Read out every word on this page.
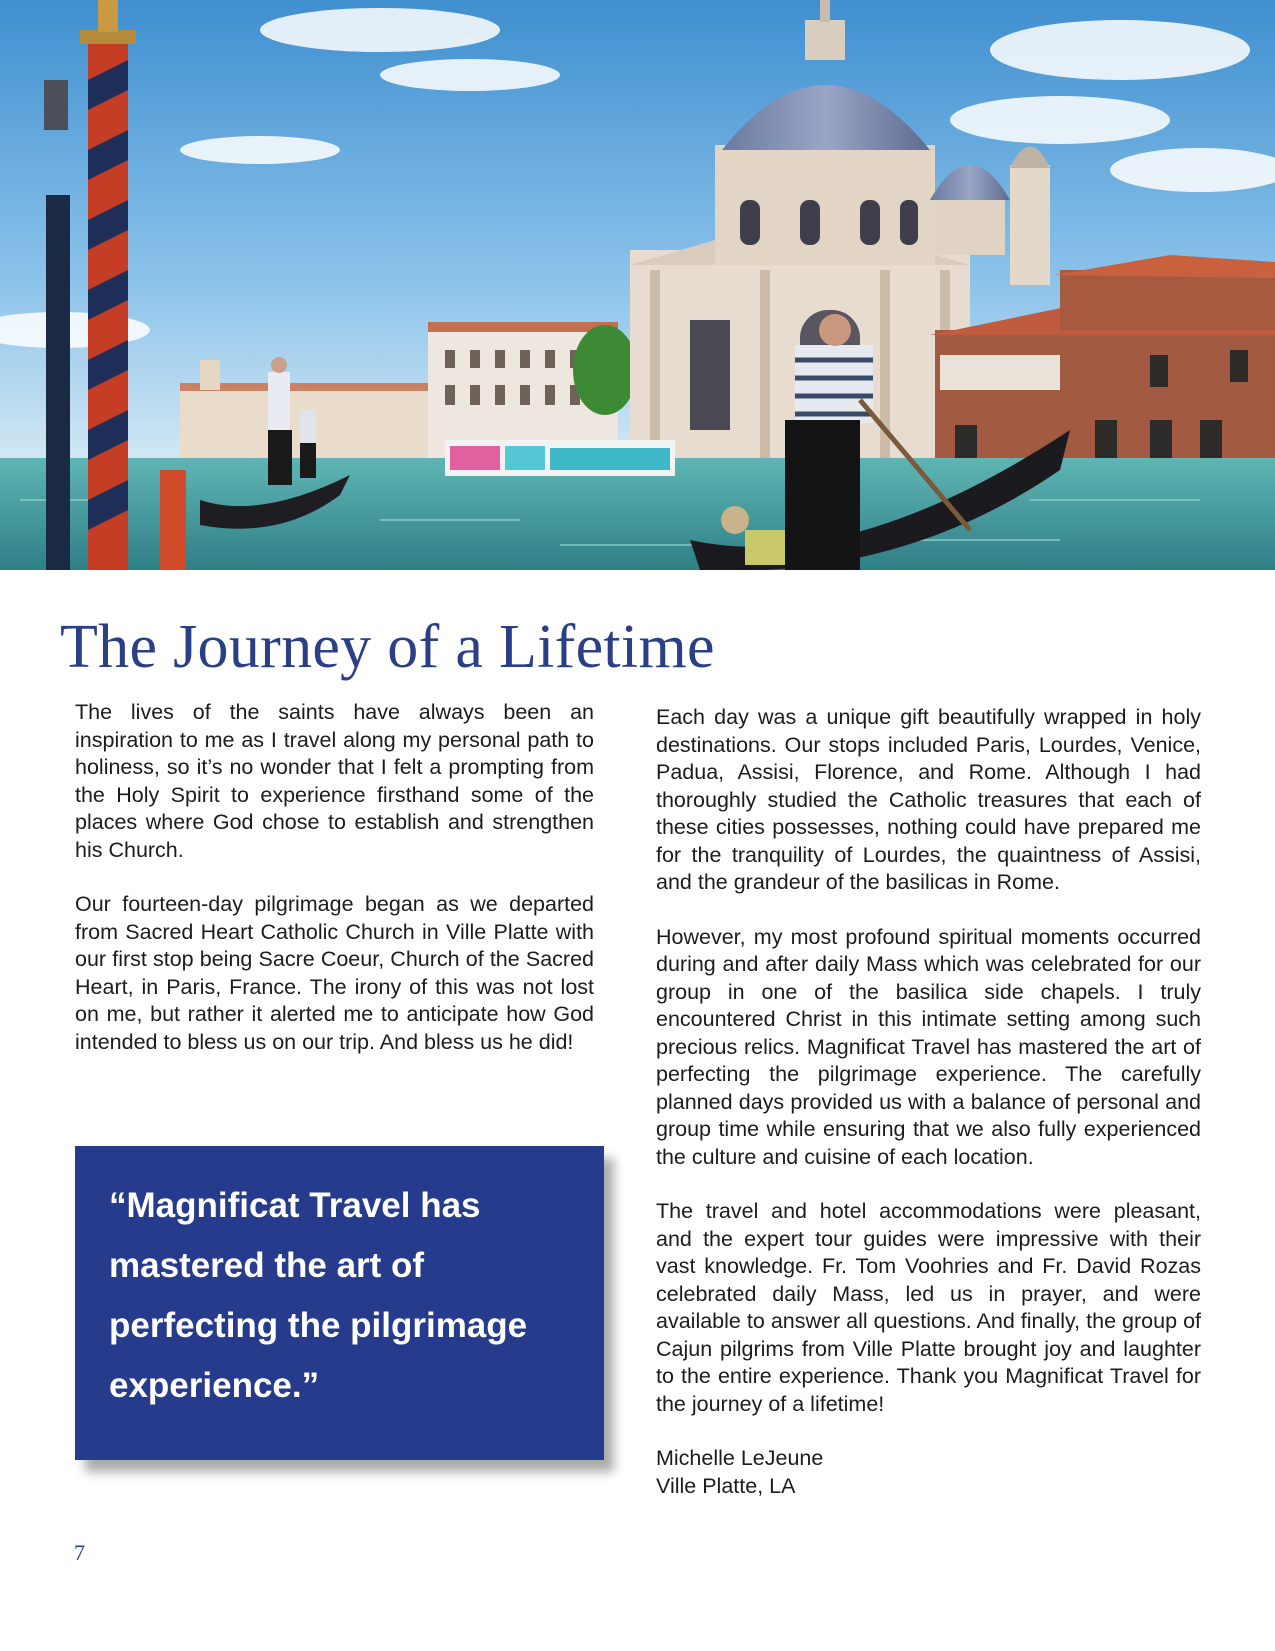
The Journey of a Lifetime

The lives of the saints have always been an inspiration to me as I travel along my personal path to holiness, so it’s no wonder that I felt a prompting from the Holy Spirit to experience firsthand some of the places where God chose to establish and strengthen his Church.

Our fourteen-day pilgrimage began as we departed from Sacred Heart Catholic Church in Ville Platte with our first stop being Sacre Coeur, Church of the Sacred Heart, in Paris, France. The irony of this was not lost on me, but rather it alerted me to anticipate how God intended to bless us on our trip. And bless us he did!

“Magnificat Travel has mastered the art of perfecting the pilgrimage experience.”

Each day was a unique gift beautifully wrapped in holy destinations. Our stops included Paris, Lourdes, Venice, Padua, Assisi, Florence, and Rome. Although I had thoroughly studied the Catholic treasures that each of these cities possesses, nothing could have prepared me for the tranquility of Lourdes, the quaintness of Assisi, and the grandeur of the basilicas in Rome.

However, my most profound spiritual moments occurred during and after daily Mass which was celebrated for our group in one of the basilica side chapels. I truly encountered Christ in this intimate setting among such precious relics. Magnificat Travel has mastered the art of perfecting the pilgrimage experience. The carefully planned days provided us with a balance of personal and group time while ensuring that we also fully experienced the culture and cuisine of each location.

The travel and hotel accommodations were pleasant, and the expert tour guides were impressive with their vast knowledge. Fr. Tom Voohries and Fr. David Rozas celebrated daily Mass, led us in prayer, and were available to answer all questions. And finally, the group of Cajun pilgrims from Ville Platte brought joy and laughter to the entire experience. Thank you Magnificat Travel for the journey of a lifetime!

Michelle LeJeune
Ville Platte, LA
7
